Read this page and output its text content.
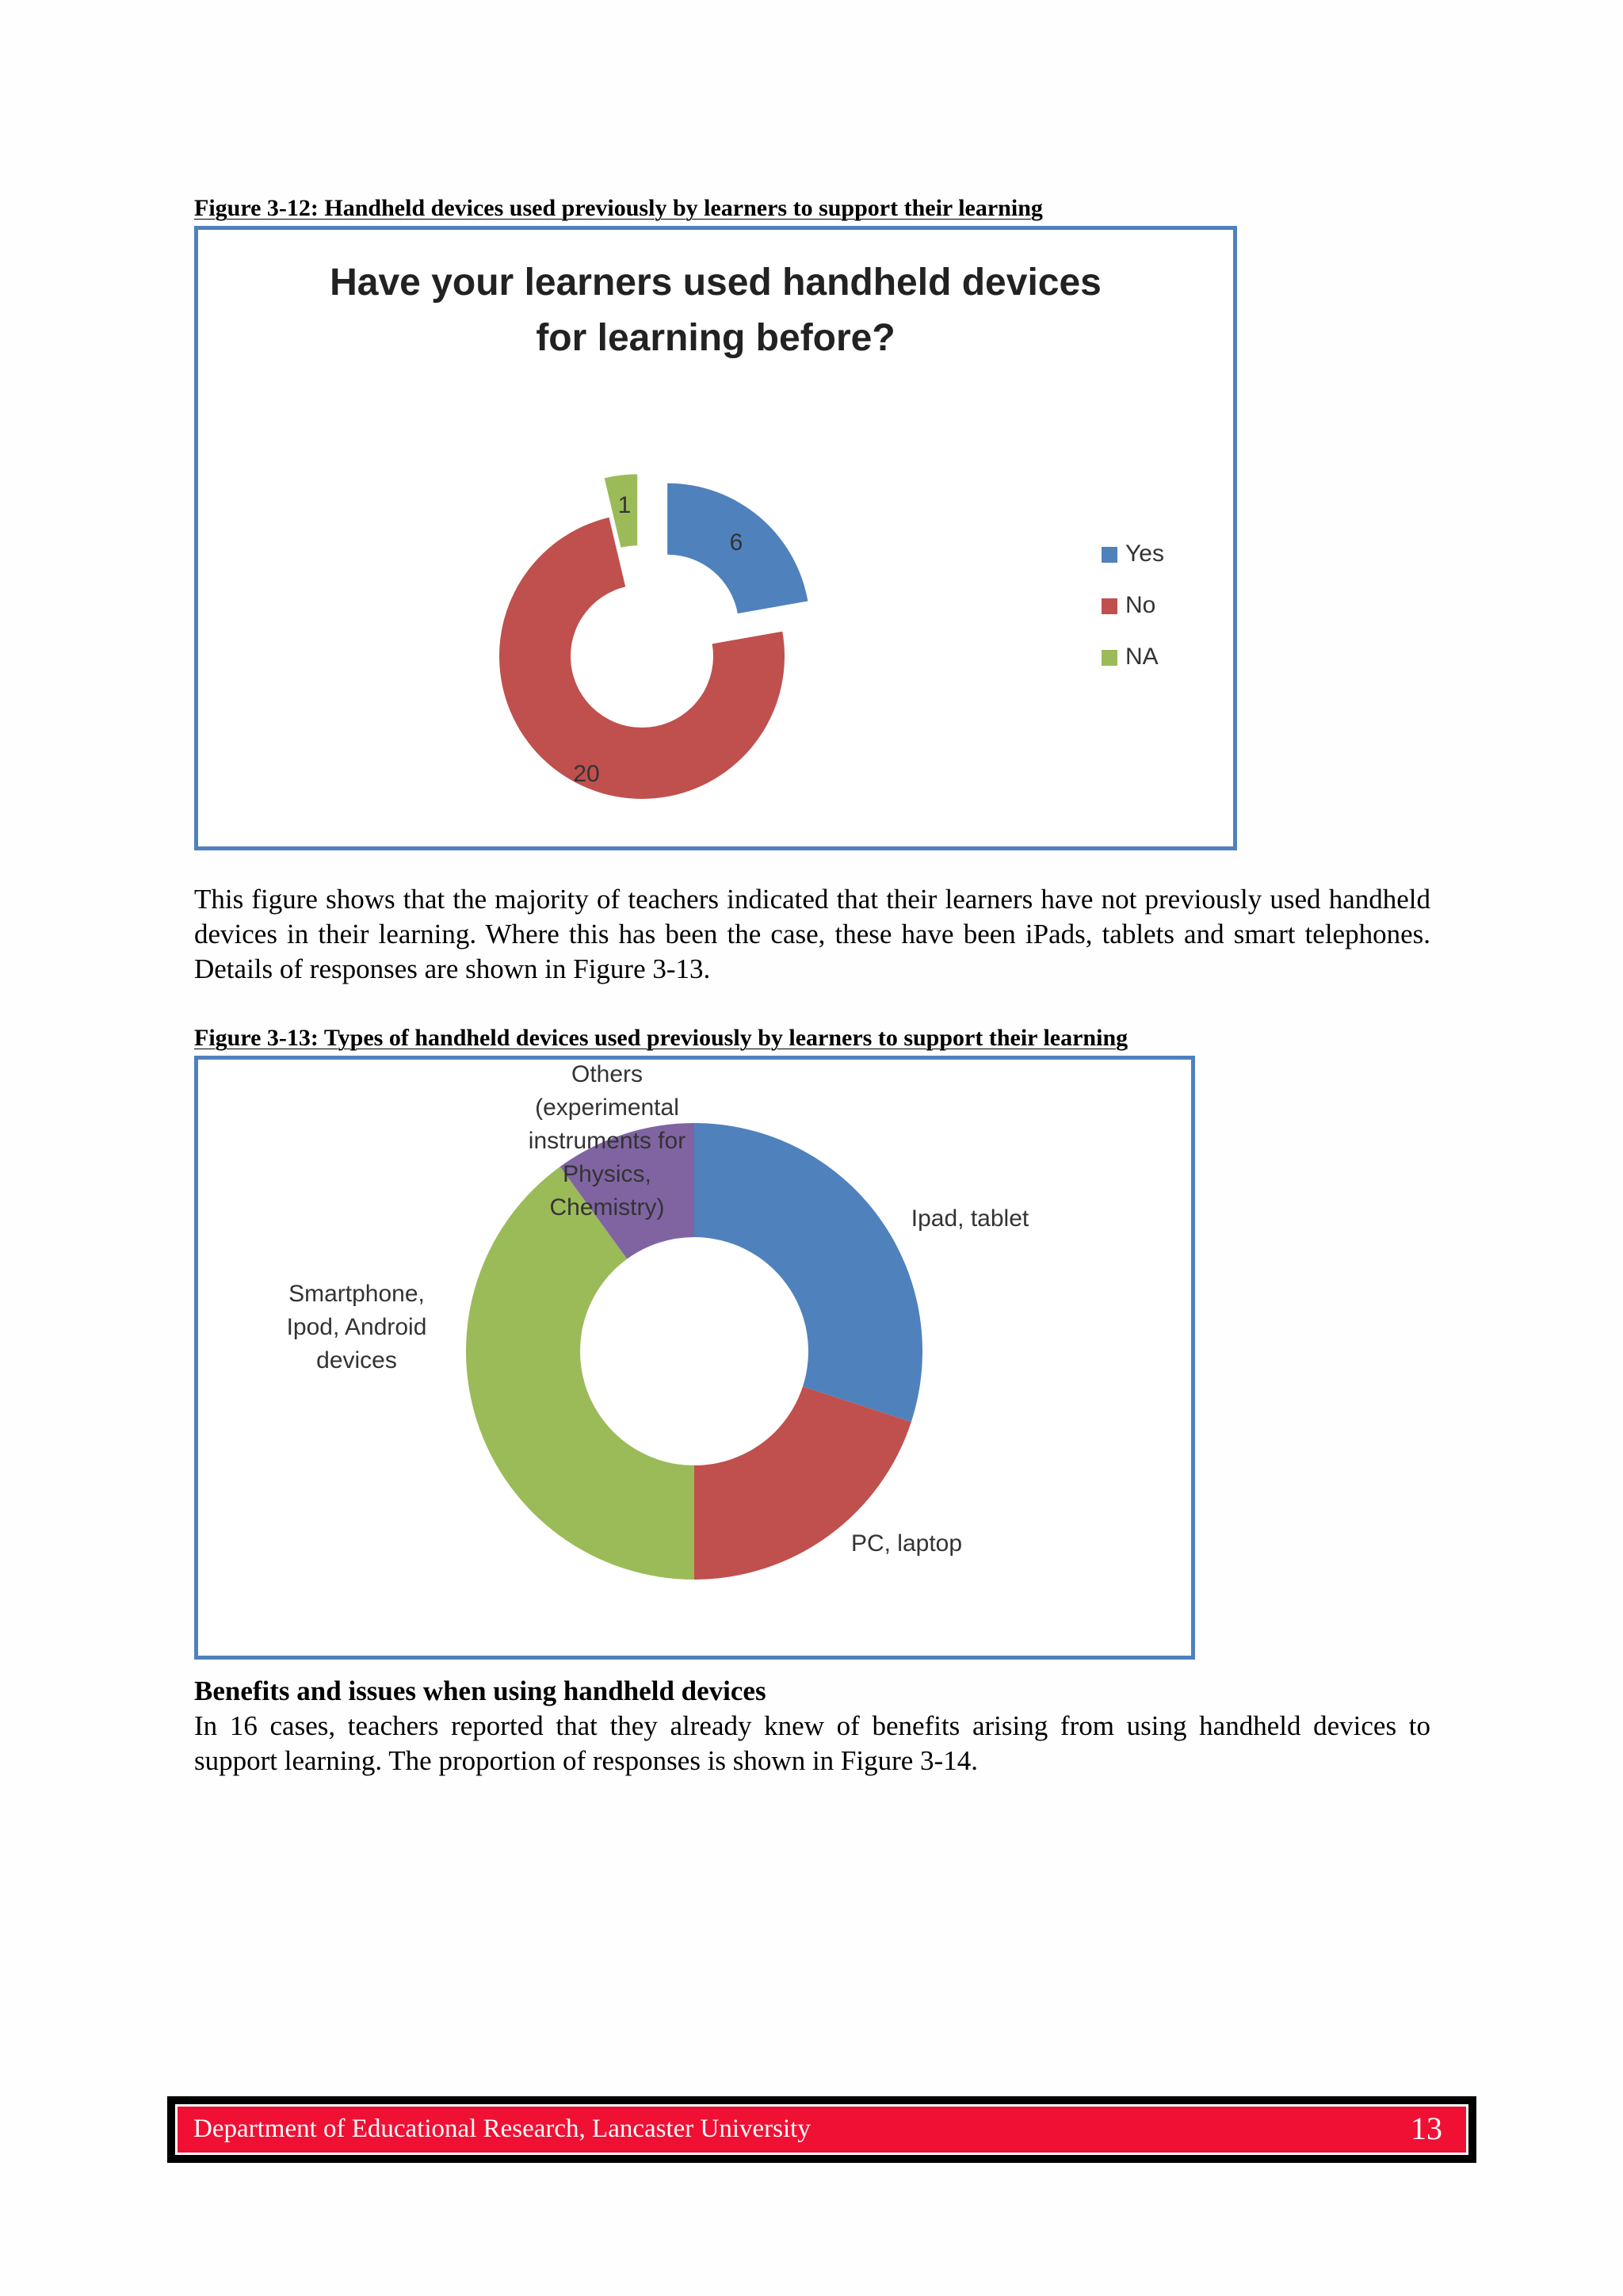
Figure 3-12: Handheld devices used previously by learners to support their learning
Have your learners used handheld devices
for learning before?
6
20
1
Yes
No
NA

This figure shows that the majority of teachers indicated that their learners have not previously used handheld devices in their learning. Where this has been the case, these have been iPads, tablets and smart telephones. Details of responses are shown in Figure 3-13.

Figure 3-13: Types of handheld devices used previously by learners to support their learning
Ipad, tablet
PC, laptop
Smartphone, Ipod, Android devices
Others (experimental instruments for Physics, Chemistry)
Benefits and issues when using handheld devices

In 16 cases, teachers reported that they already knew of benefits arising from using handheld devices to support learning. The proportion of responses is shown in Figure 3-14.

Department of Educational Research, Lancaster University	13
